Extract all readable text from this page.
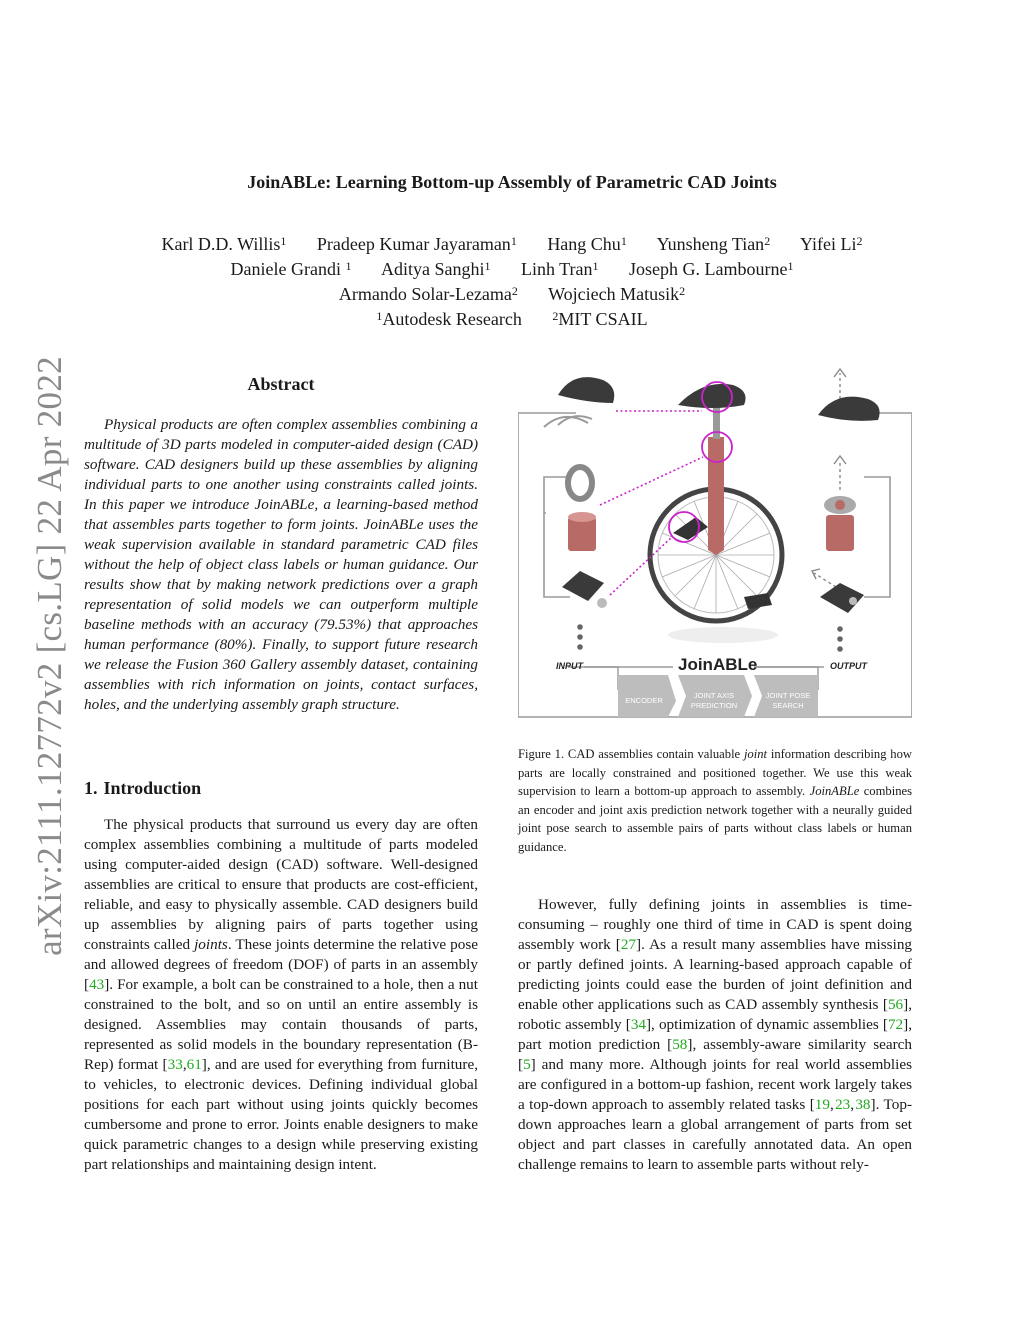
arXiv:2111.12772v2 [cs.LG] 22 Apr 2022
JoinABLe: Learning Bottom-up Assembly of Parametric CAD Joints
Karl D.D. Willis$^1$ Pradeep Kumar Jayaraman$^1$ Hang Chu$^1$ Yunsheng Tian$^2$ Yifei Li$^2$
Daniele Grandi $^1$ Aditya Sanghi$^1$ Linh Tran$^1$ Joseph G. Lambourne$^1$
Armando Solar-Lezama$^2$ Wojciech Matusik$^2$
$^1$Autodesk Research	$^2$MIT CSAIL
Abstract

Physical products are often complex assemblies combining a multitude of 3D parts modeled in computer-aided design (CAD) software. CAD designers build up these assemblies by aligning individual parts to one another using constraints called joints. In this paper we introduce JoinABLe, a learning-based method that assembles parts together to form joints. JoinABLe uses the weak supervision available in standard parametric CAD files without the help of object class labels or human guidance. Our results show that by making network predictions over a graph representation of solid models we can outperform multiple baseline methods with an accuracy (79.53%) that approaches human performance (80%). Finally, to support future research we release the Fusion 360 Gallery assembly dataset, containing assemblies with rich information on joints, contact surfaces, holes, and the underlying assembly graph structure.

1. Introduction

The physical products that surround us every day are often complex assemblies combining a multitude of parts modeled using computer-aided design (CAD) software. Well-designed assemblies are critical to ensure that products are cost-efficient, reliable, and easy to physically assemble. CAD designers build up assemblies by aligning pairs of parts together using constraints called joints. These joints determine the relative pose and allowed degrees of freedom (DOF) of parts in an assembly [43]. For example, a bolt can be constrained to a hole, then a nut constrained to the bolt, and so on until an entire assembly is designed. Assemblies may contain thousands of parts, represented as solid models in the boundary representation (B-Rep) format [33,61], and are used for everything from furniture, to vehicles, to electronic devices. Defining individual global positions for each part without using joints quickly becomes cumbersome and prone to error. Joints enable designers to make quick parametric changes to a design while preserving existing part relationships and maintaining design intent.

INPUT	OUTPUT
JoinABLe
ENCODER
JOINT AXIS
PREDICTION
JOINT POSE
SEARCH

Figure 1. CAD assemblies contain valuable joint information describing how parts are locally constrained and positioned together. We use this weak supervision to learn a bottom-up approach to assembly. JoinABLe combines an encoder and joint axis prediction network together with a neurally guided joint pose search to assemble pairs of parts without class labels or human guidance.

However, fully defining joints in assemblies is time-consuming – roughly one third of time in CAD is spent doing assembly work [27]. As a result many assemblies have missing or partly defined joints. A learning-based approach capable of predicting joints could ease the burden of joint definition and enable other applications such as CAD assembly synthesis [56], robotic assembly [34], optimization of dynamic assemblies [72], part motion prediction [58], assembly-aware similarity search [5] and many more. Although joints for real world assemblies are configured in a bottom-up fashion, recent work largely takes a top-down approach to assembly related tasks [19, 23, 38]. Top-down approaches learn a global arrangement of parts from set object and part classes in carefully annotated data. An open challenge remains to learn to assemble parts without rely-
